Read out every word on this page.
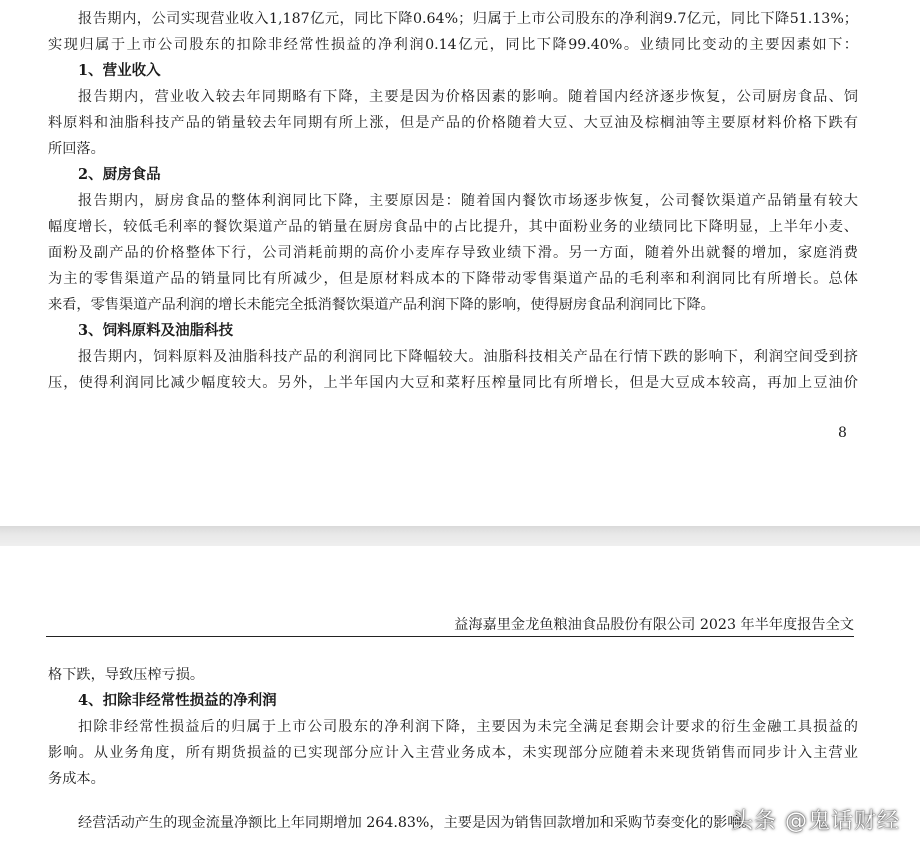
报告期内，公司实现营业收入1,187亿元，同比下降0.64%；归属于上市公司股东的净利润9.7亿元，同比下降51.13%；
实现归属于上市公司股东的扣除非经常性损益的净利润0.14亿元，同比下降99.40%。业绩同比变动的主要因素如下：
1、营业收入
报告期内，营业收入较去年同期略有下降，主要是因为价格因素的影响。随着国内经济逐步恢复，公司厨房食品、饲
料原料和油脂科技产品的销量较去年同期有所上涨，但是产品的价格随着大豆、大豆油及棕榈油等主要原材料价格下跌有
所回落。
2、厨房食品
报告期内，厨房食品的整体利润同比下降，主要原因是：随着国内餐饮市场逐步恢复，公司餐饮渠道产品销量有较大
幅度增长，较低毛利率的餐饮渠道产品的销量在厨房食品中的占比提升，其中面粉业务的业绩同比下降明显，上半年小麦、
面粉及副产品的价格整体下行，公司消耗前期的高价小麦库存导致业绩下滑。另一方面，随着外出就餐的增加，家庭消费
为主的零售渠道产品的销量同比有所减少，但是原材料成本的下降带动零售渠道产品的毛利率和利润同比有所增长。总体
来看，零售渠道产品利润的增长未能完全抵消餐饮渠道产品利润下降的影响，使得厨房食品利润同比下降。
3、饲料原料及油脂科技
报告期内，饲料原料及油脂科技产品的利润同比下降幅较大。油脂科技相关产品在行情下跌的影响下，利润空间受到挤
压，使得利润同比减少幅度较大。另外，上半年国内大豆和菜籽压榨量同比有所增长，但是大豆成本较高，再加上豆油价
8
益海嘉里金龙鱼粮油食品股份有限公司 2023 年半年度报告全文
格下跌，导致压榨亏损。
4、扣除非经常性损益的净利润
扣除非经常性损益后的归属于上市公司股东的净利润下降，主要因为未完全满足套期会计要求的衍生金融工具损益的
影响。从业务角度，所有期货损益的已实现部分应计入主营业务成本，未实现部分应随着未来现货销售而同步计入主营业
务成本。
经营活动产生的现金流量净额比上年同期增加 264.83%，主要是因为销售回款增加和采购节奏变化的影响。
头条 @鬼话财经
